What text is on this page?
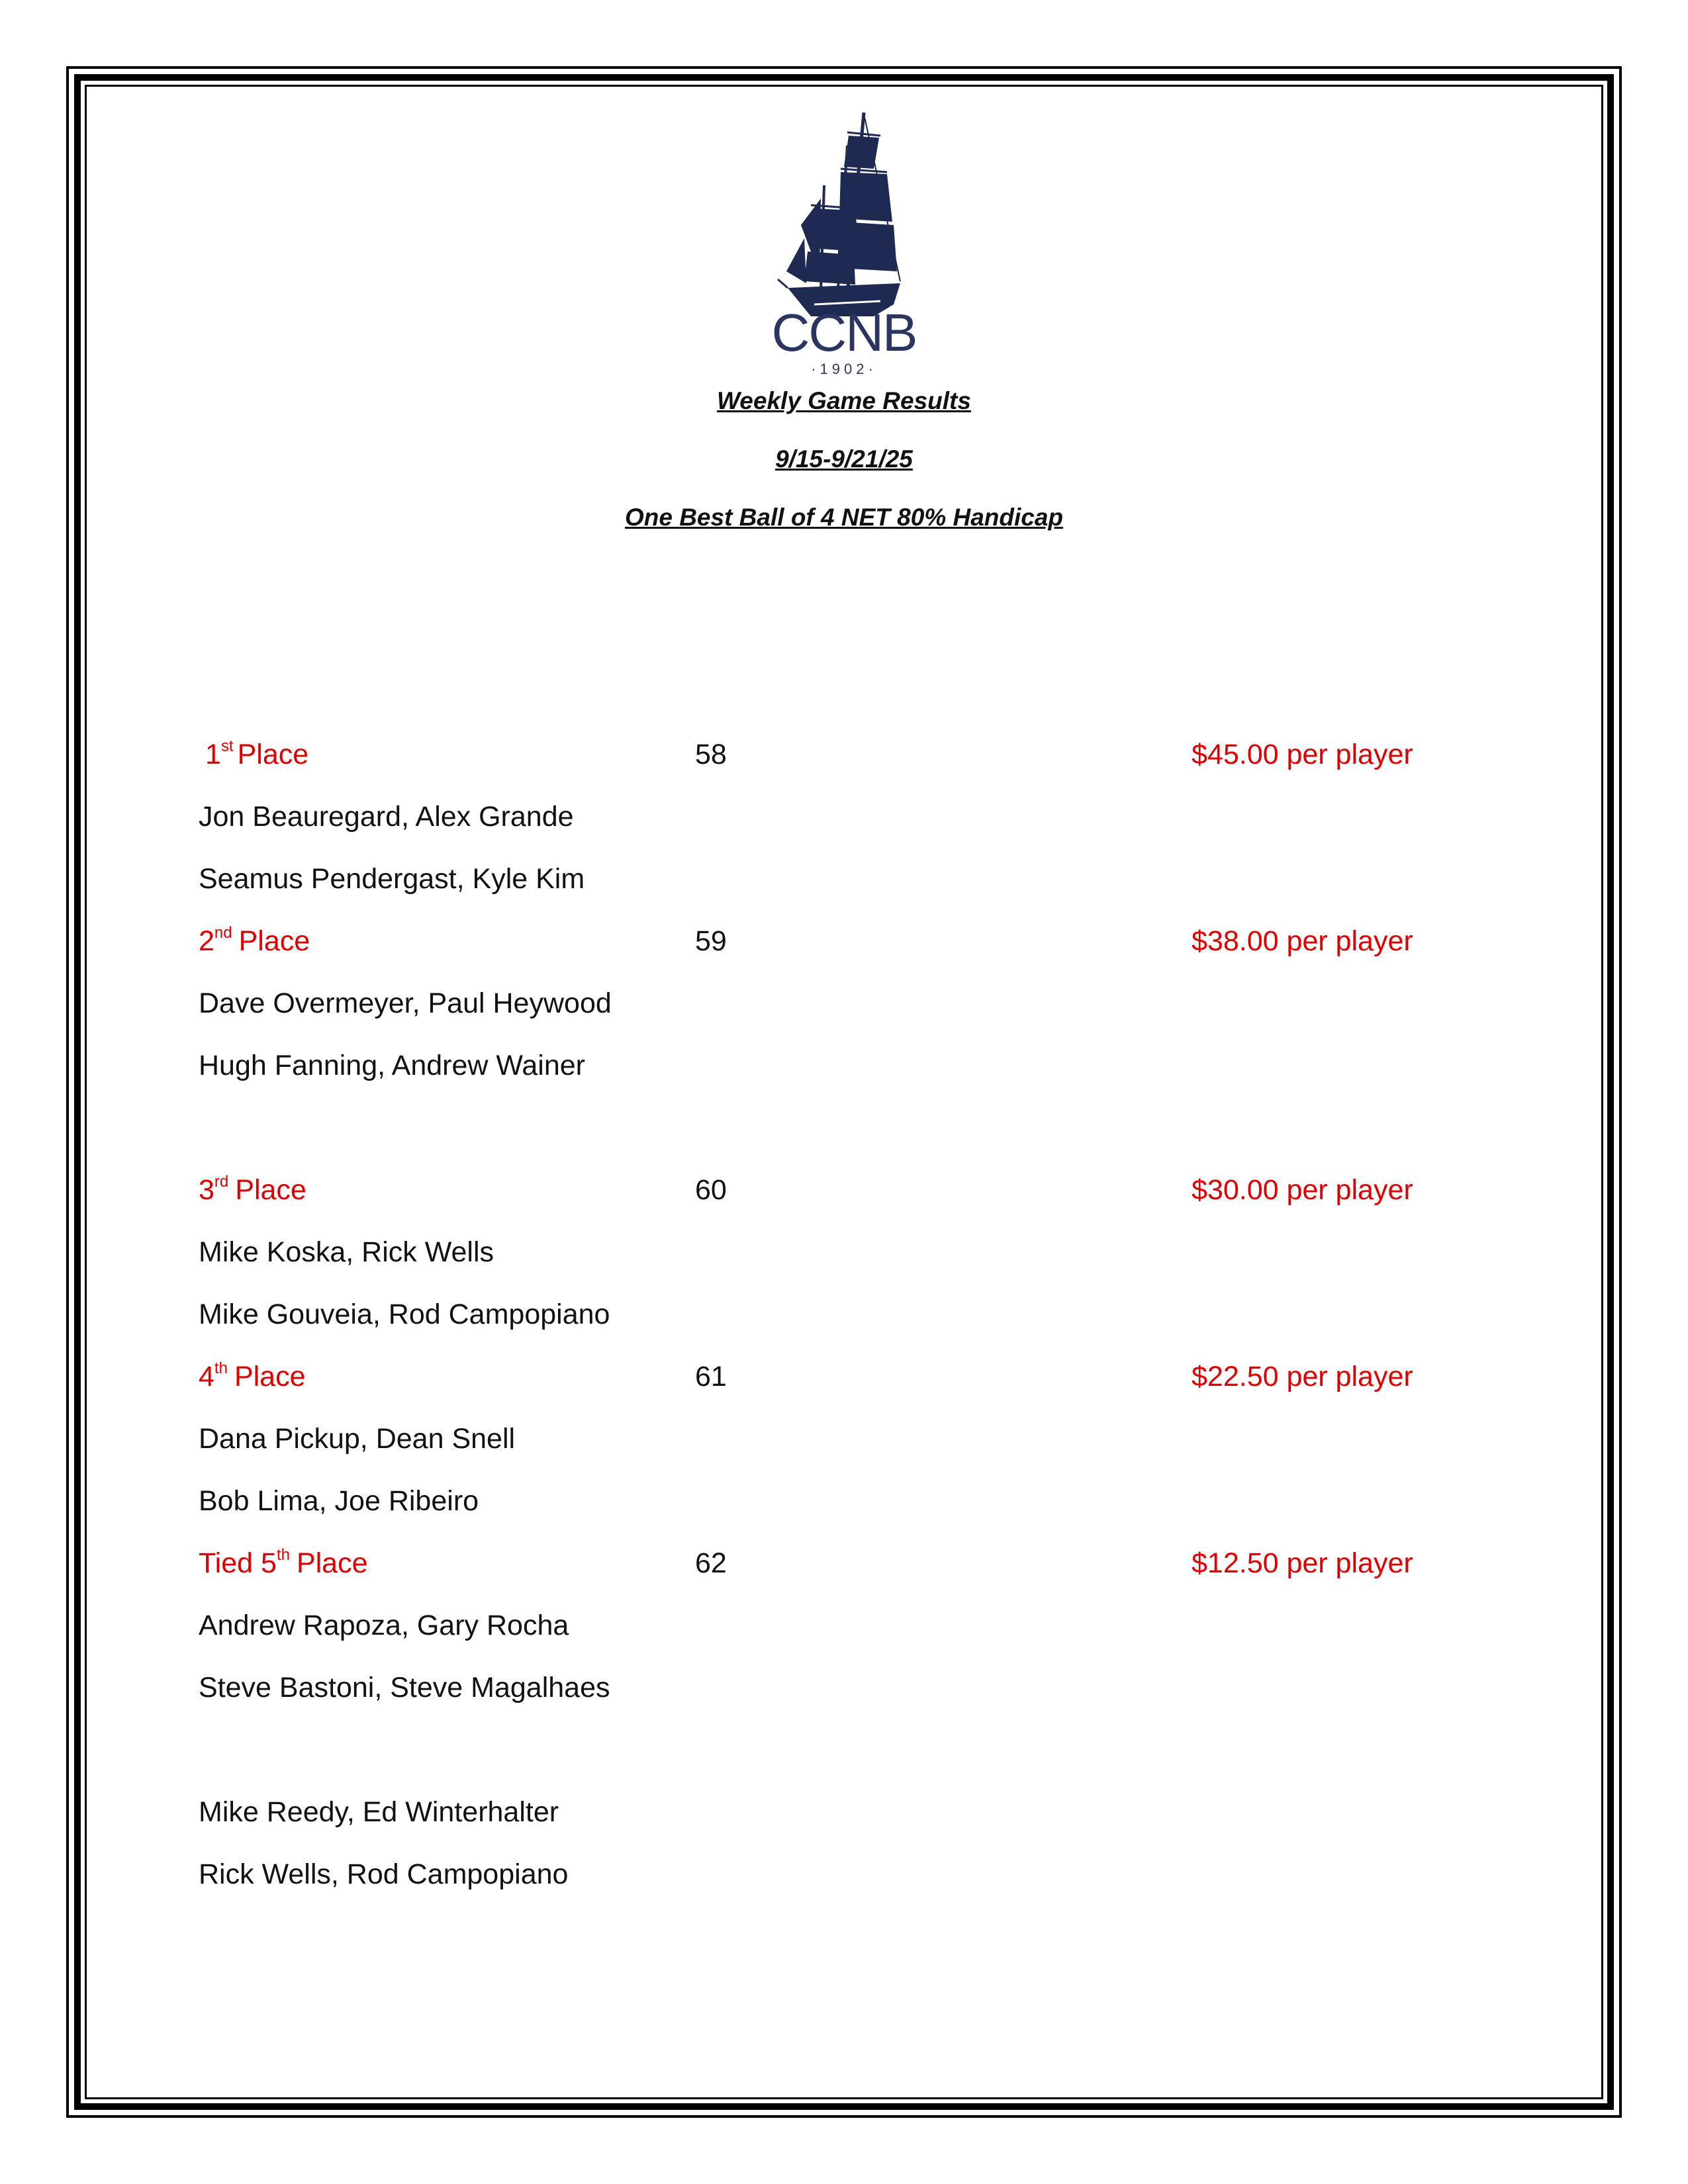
CCNB
·1902·
Weekly Game Results
9/15-9/21/25
One Best Ball of 4 NET 80% Handicap
1st Place	58	$45.00 per player
Jon Beauregard, Alex Grande
Seamus Pendergast, Kyle Kim
2nd Place	59	$38.00 per player
Dave Overmeyer, Paul Heywood
Hugh Fanning, Andrew Wainer
3rd Place	60	$30.00 per player
Mike Koska, Rick Wells
Mike Gouveia, Rod Campopiano
4th Place	61	$22.50 per player
Dana Pickup, Dean Snell
Bob Lima, Joe Ribeiro
Tied 5th Place	62	$12.50 per player
Andrew Rapoza, Gary Rocha
Steve Bastoni, Steve Magalhaes
Mike Reedy, Ed Winterhalter
Rick Wells, Rod Campopiano
